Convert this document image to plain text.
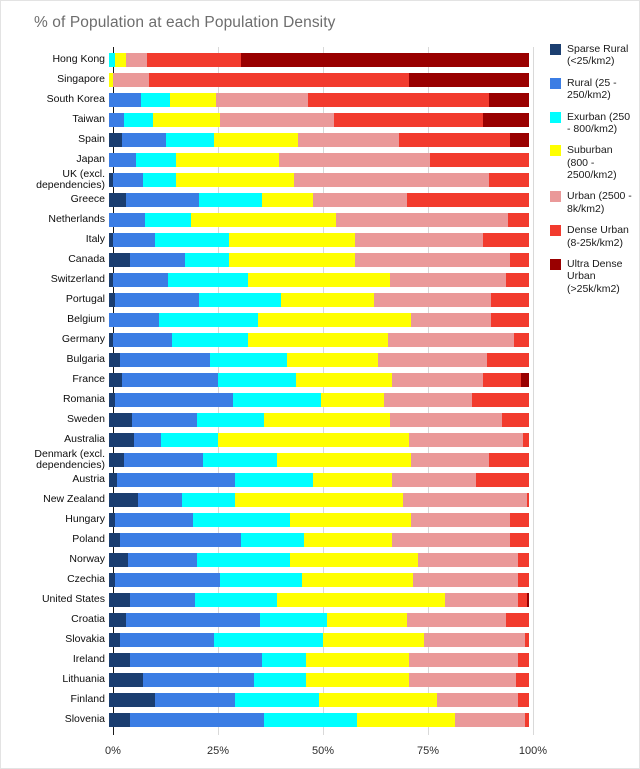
% of Population at each Population Density
Hong Kong
Singapore
South Korea
Taiwan
Spain
Japan
UK (excl. dependencies)
Greece
Netherlands
Italy
Canada
Switzerland
Portugal
Belgium
Germany
Bulgaria
France
Romania
Sweden
Australia
Denmark (excl. dependencies)
Austria
New Zealand
Hungary
Poland
Norway
Czechia
United States
Croatia
Slovakia
Ireland
Lithuania
Finland
Slovenia
0%	25%	50%	75%	100%
Sparse Rural (<25/km2)
Rural (25 - 250/km2)
Exurban (250 - 800/km2)
Suburban (800 - 2500/km2)
Urban (2500 - 8k/km2)
Dense Urban (8-25k/km2)
Ultra Dense Urban (>25k/km2)
